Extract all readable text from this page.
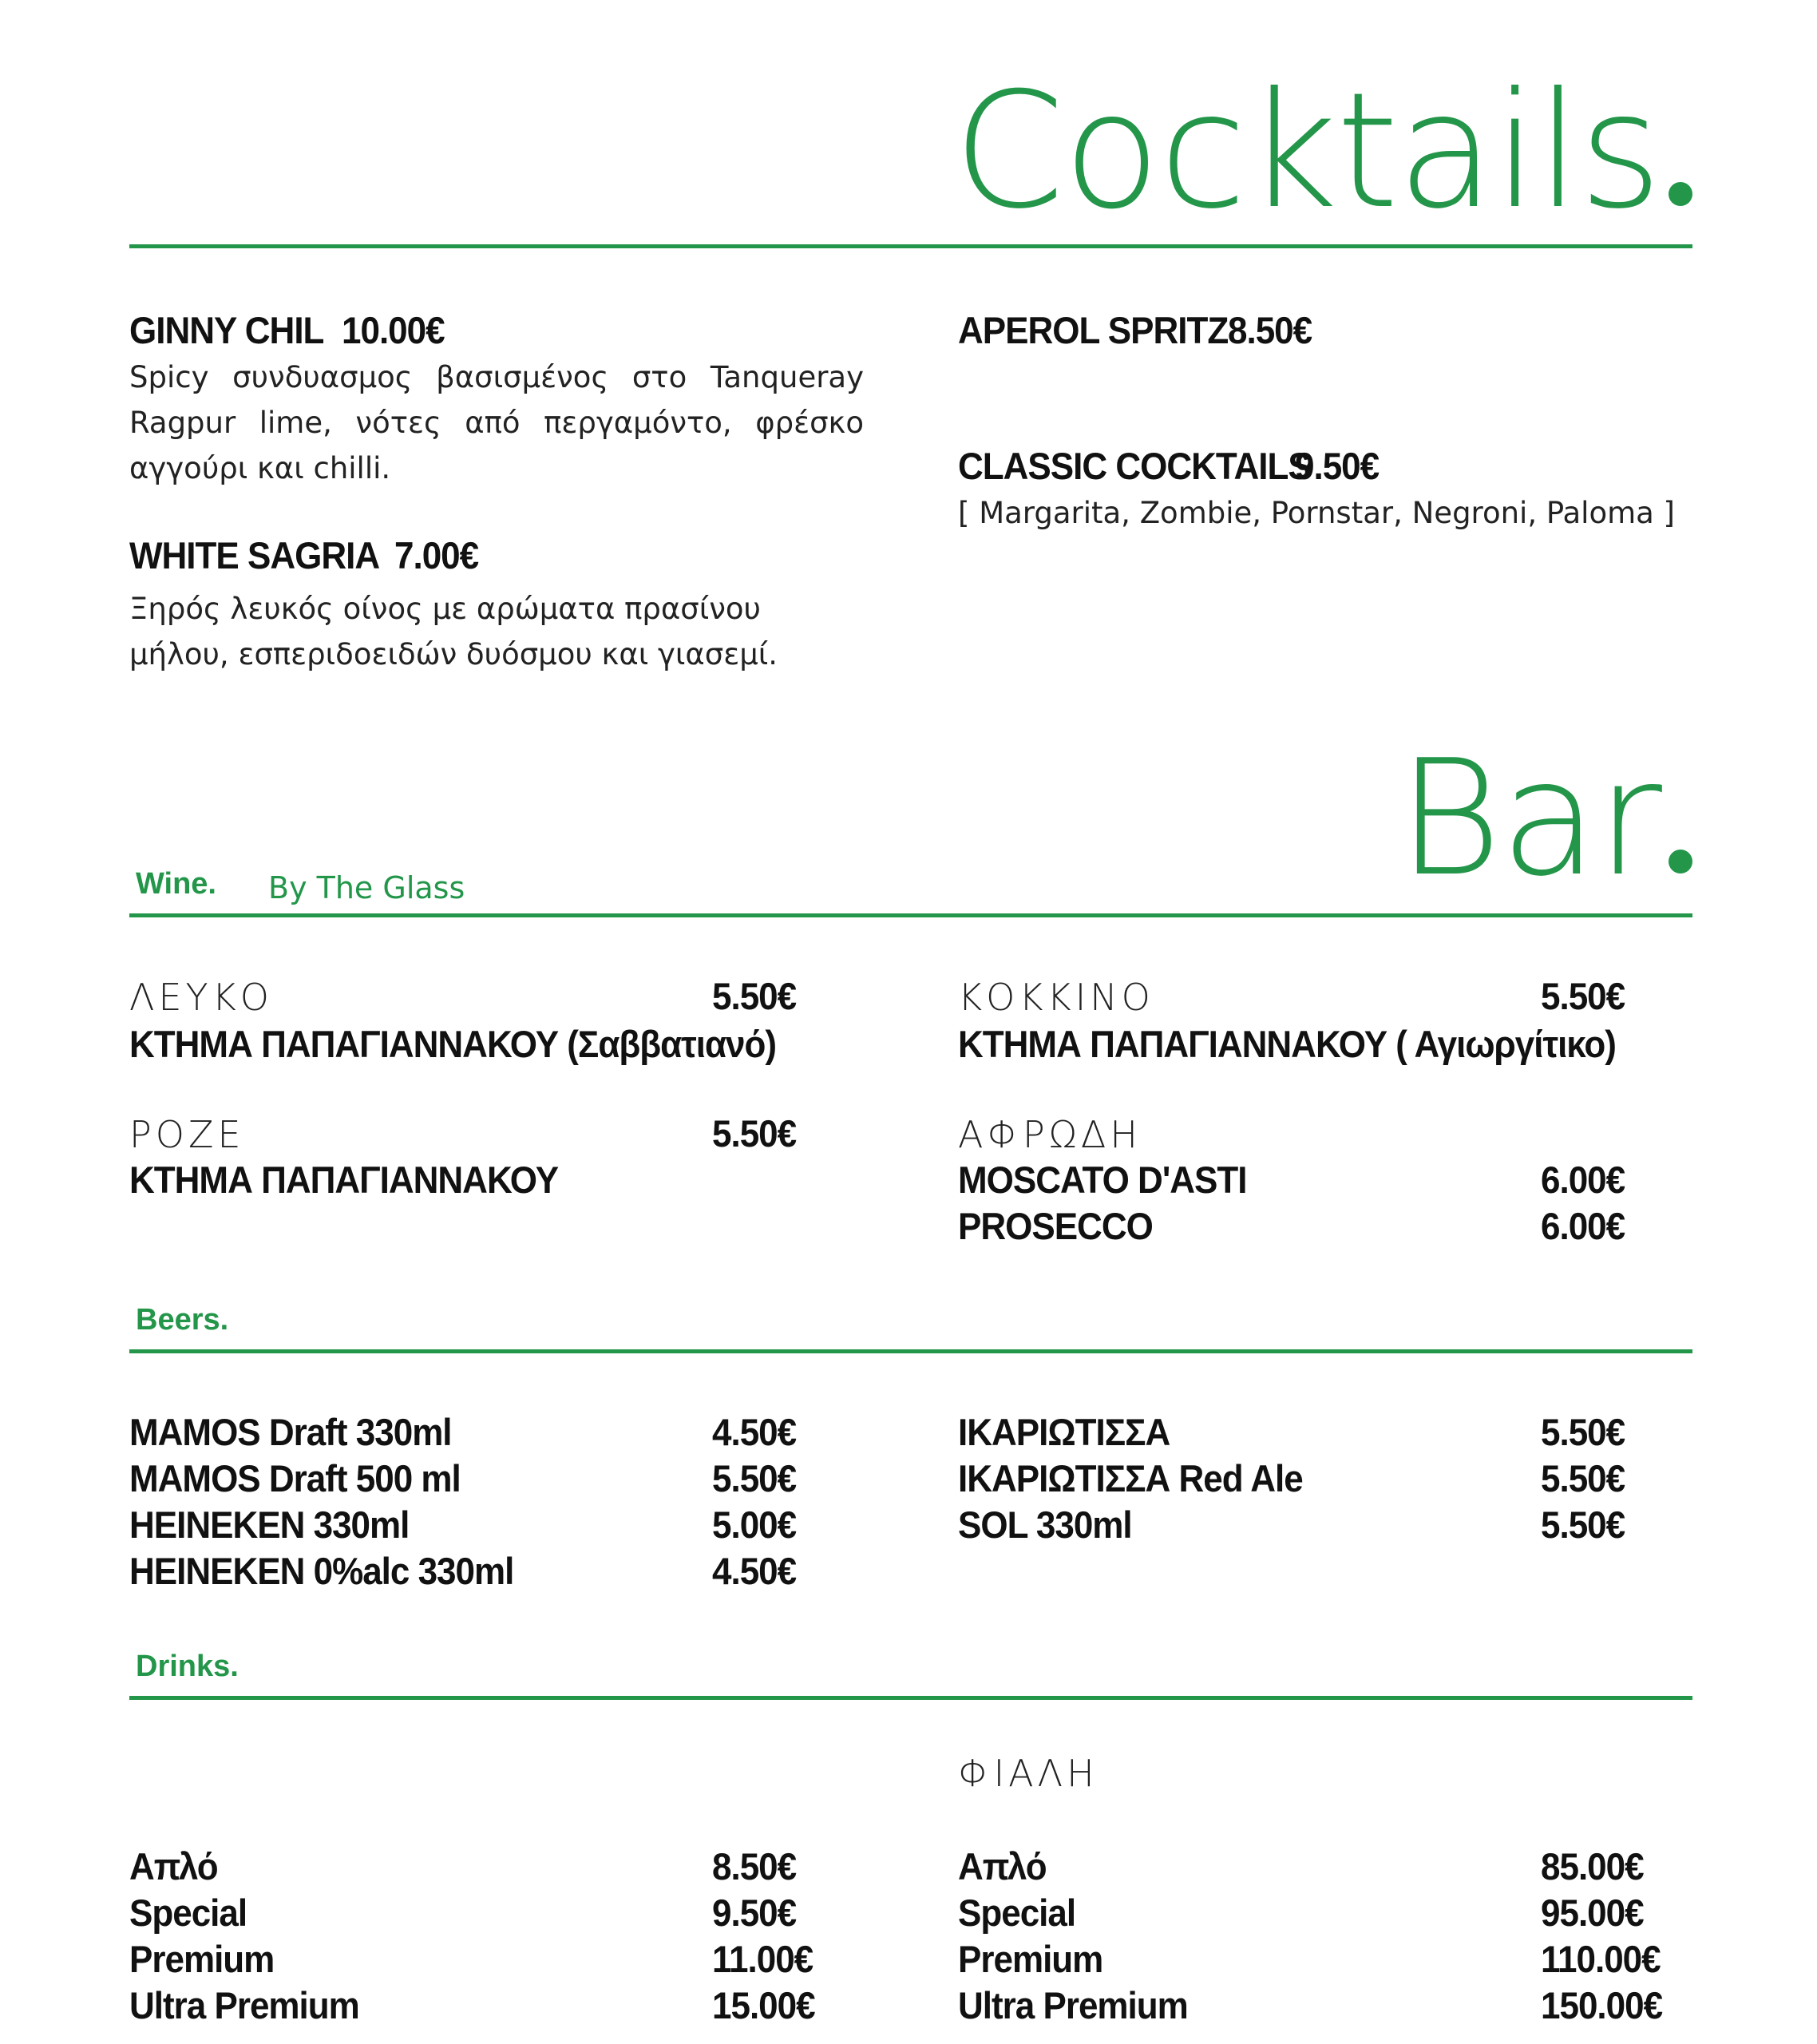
Cocktails
GINNY CHIL 10.00€
Spicy συνδυασμος βασισμένος στο Tanqueray Ragpur lime, νότες από περγαμόντο, φρέσκο αγγούρι και chilli.
WHITE SAGRIA 7.00€
Ξηρός λευκός οίνος με αρώματα πρασίνου μήλου, εσπεριδοειδών δυόσμου και γιασεμί.
APEROL SPRITZ 8.50€
CLASSIC COCKTAILS
9.50€
[ Margarita, Zombie, Pornstar, Negroni, Paloma ]
Bar
Wine. By The Glass
ΛΕΥΚΟ	5.50€
ΚΤΗΜΑ ΠΑΠΑΓΙΑΝΝΑΚΟΥ (Σαββατιανό)
ΡΟΖΕ	5.50€
ΚΤΗΜΑ ΠΑΠΑΓΙΑΝΝΑΚΟΥ
ΚΟΚΚΙΝΟ	5.50€
ΚΤΗΜΑ ΠΑΠΑΓΙΑΝΝΑΚΟΥ ( Αγιωργίτικο)
ΑΦΡΩΔΗ
MOSCATO D'ASTI	6.00€
PROSECCO	6.00€
Beers.
MAMOS Draft 330ml	4.50€
MAMOS Draft 500 ml	5.50€
HEINEKEN 330ml	5.00€
HEINEKEN 0%alc 330ml	4.50€
ΙΚΑΡΙΩΤΙΣΣΑ	5.50€
ΙΚΑΡΙΩΤΙΣΣΑ Red Ale	5.50€
SOL 330ml	5.50€
Drinks.
ΦΙΑΛΗ
Απλό	8.50€
Special	9.50€
Premium	11.00€
Ultra Premium	15.00€
Απλό	85.00€
Special	95.00€
Premium	110.00€
Ultra Premium	150.00€
